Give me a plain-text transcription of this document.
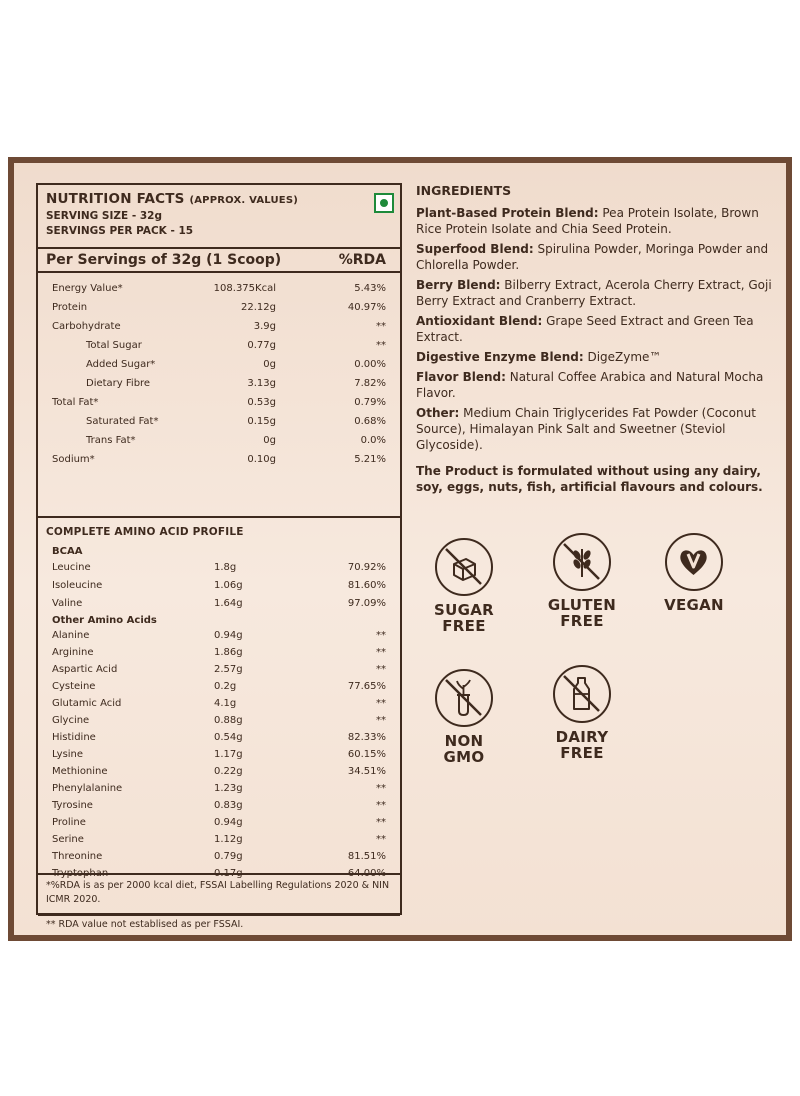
NUTRITION FACTS (APPROX. VALUES)
SERVING SIZE - 32g
SERVINGS PER PACK - 15
Per Servings of 32g (1 Scoop)	%RDA
Energy Value*	108.375Kcal	5.43%
Protein	22.12g	40.97%
Carbohydrate	3.9g	**
Total Sugar	0.77g	**
Added Sugar*	0g	0.00%
Dietary Fibre	3.13g	7.82%
Total Fat*	0.53g	0.79%
Saturated Fat*	0.15g	0.68%
Trans Fat*	0g	0.0%
Sodium*	0.10g	5.21%
COMPLETE AMINO ACID PROFILE
BCAA
Leucine	1.8g	70.92%
Isoleucine	1.06g	81.60%
Valine	1.64g	97.09%
Other Amino Acids
Alanine	0.94g	**
Arginine	1.86g	**
Aspartic Acid	2.57g	**
Cysteine	0.2g	77.65%
Glutamic Acid	4.1g	**
Glycine	0.88g	**
Histidine	0.54g	82.33%
Lysine	1.17g	60.15%
Methionine	0.22g	34.51%
Phenylalanine	1.23g	**
Tyrosine	0.83g	**
Proline	0.94g	**
Serine	1.12g	**
Threonine	0.79g	81.51%
Tryptophan	0.17g	64.00%
*%RDA is as per 2000 kcal diet, FSSAI Labelling Regulations 2020 & NIN ICMR 2020.
** RDA value not establised as per FSSAI.
INGREDIENTS

Plant-Based Protein Blend: Pea Protein Isolate, Brown Rice Protein Isolate and Chia Seed Protein.

Superfood Blend: Spirulina Powder, Moringa Powder and Chlorella Powder.

Berry Blend: Bilberry Extract, Acerola Cherry Extract, Goji Berry Extract and Cranberry Extract.

Antioxidant Blend: Grape Seed Extract and Green Tea Extract.

Digestive Enzyme Blend: DigeZyme™

Flavor Blend: Natural Coffee Arabica and Natural Mocha Flavor.

Other: Medium Chain Triglycerides Fat Powder (Coconut Source), Himalayan Pink Salt and Sweetner (Steviol Glycoside).

The Product is formulated without using any dairy, soy, eggs, nuts, fish, artificial flavours and colours.

SUGAR
FREE
GLUTEN
FREE
VEGAN
NON
GMO
DAIRY
FREE
